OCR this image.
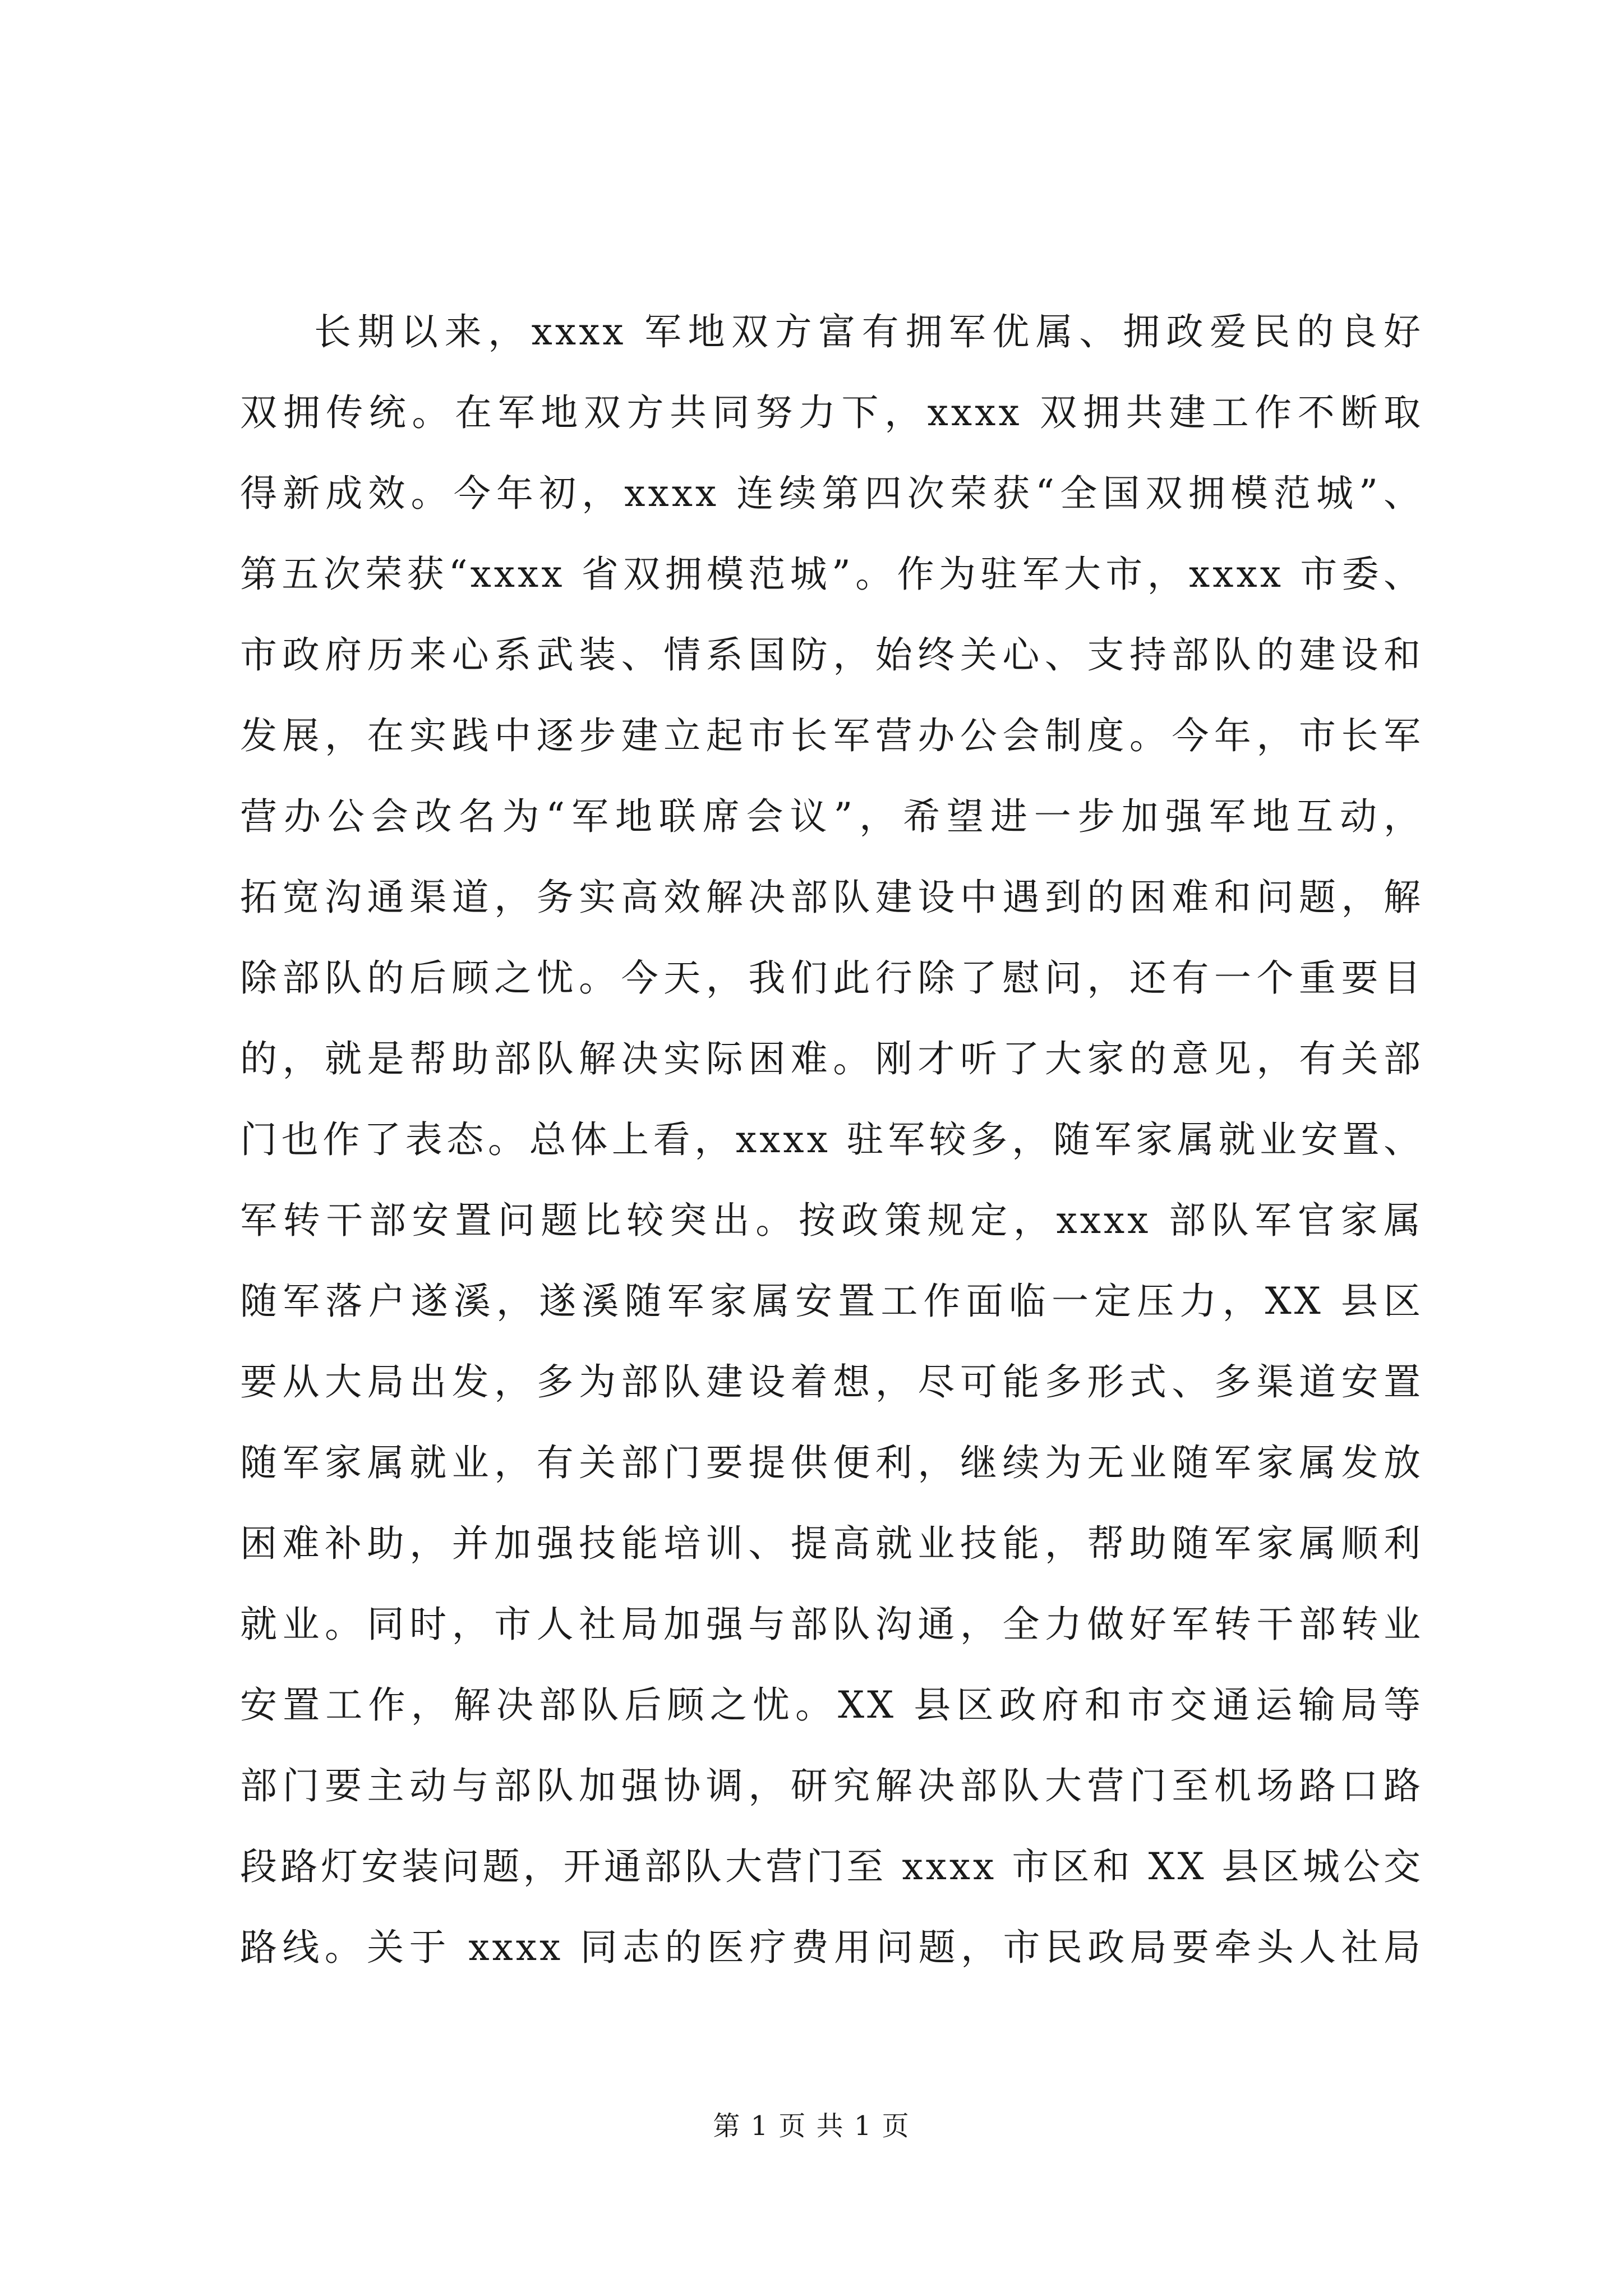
长期以来，xxxx 军地双方富有拥军优属、拥政爱民的良好
双拥传统。在军地双方共同努力下，xxxx 双拥共建工作不断取
得新成效。今年初，xxxx 连续第四次荣获“全国双拥模范城”、
第五次荣获“xxxx 省双拥模范城”。作为驻军大市，xxxx 市委、
市政府历来心系武装、情系国防，始终关心、支持部队的建设和
发展，在实践中逐步建立起市长军营办公会制度。今年，市长军
营办公会改名为“军地联席会议”，希望进一步加强军地互动，
拓宽沟通渠道，务实高效解决部队建设中遇到的困难和问题，解
除部队的后顾之忧。今天，我们此行除了慰问，还有一个重要目
的，就是帮助部队解决实际困难。刚才听了大家的意见，有关部
门也作了表态。总体上看，xxxx 驻军较多，随军家属就业安置、
军转干部安置问题比较突出。按政策规定，xxxx 部队军官家属
随军落户遂溪，遂溪随军家属安置工作面临一定压力，XX 县区
要从大局出发，多为部队建设着想，尽可能多形式、多渠道安置
随军家属就业，有关部门要提供便利，继续为无业随军家属发放
困难补助，并加强技能培训、提高就业技能，帮助随军家属顺利
就业。同时，市人社局加强与部队沟通，全力做好军转干部转业
安置工作，解决部队后顾之忧。XX 县区政府和市交通运输局等
部门要主动与部队加强协调，研究解决部队大营门至机场路口路
段路灯安装问题，开通部队大营门至 xxxx 市区和 XX 县区城公交
路线。关于 xxxx 同志的医疗费用问题，市民政局要牵头人社局
第 1 页 共 1 页
